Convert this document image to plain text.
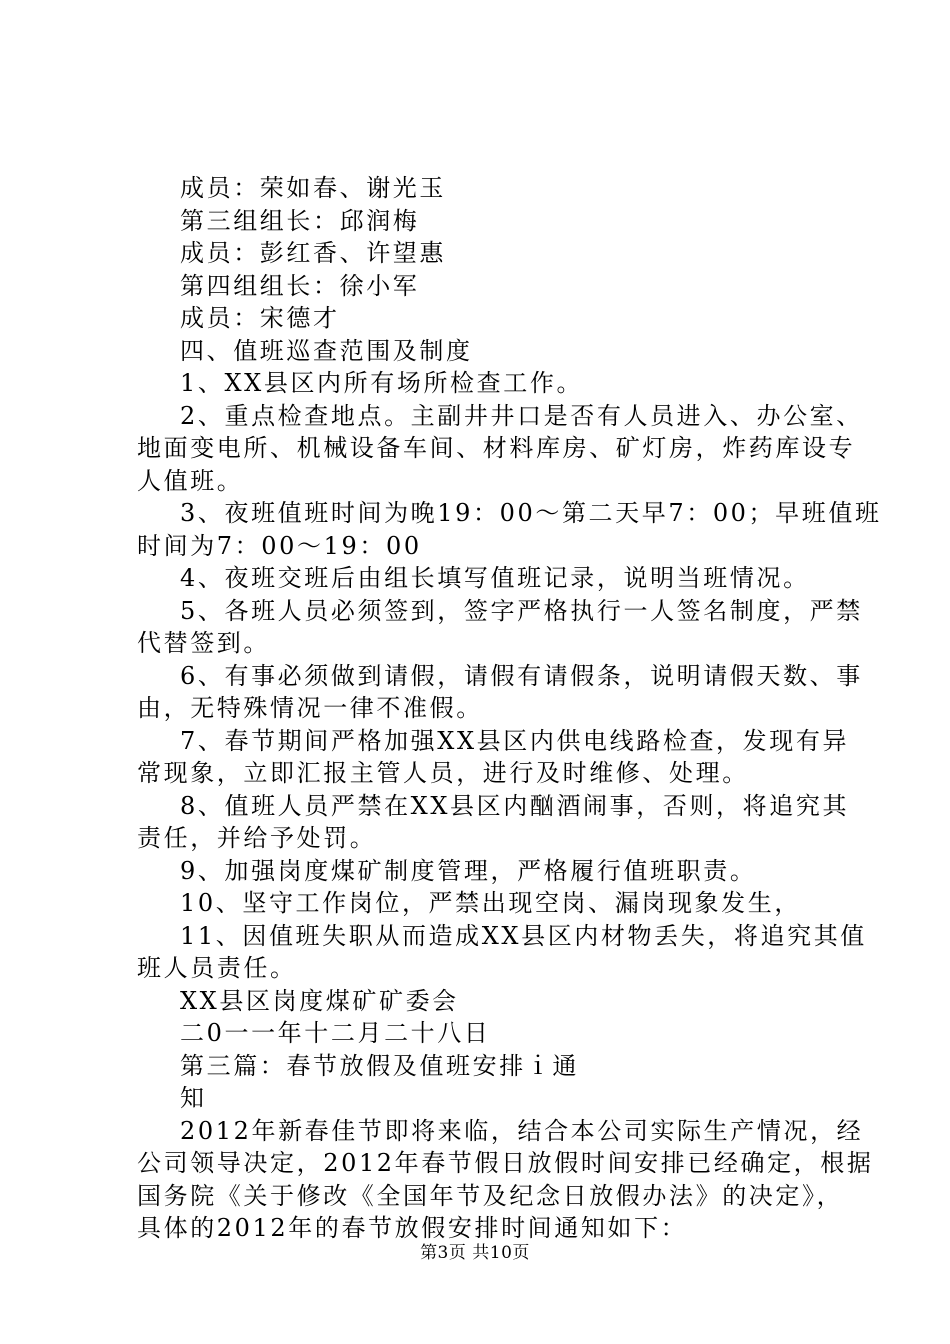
成员：荣如春、谢光玉

第三组组长：邱润梅

成员：彭红香、许望惠

第四组组长：徐小军

成员：宋德才

四、值班巡查范围及制度

1、XX县区内所有场所检查工作。

2、重点检查地点。主副井井口是否有人员进入、办公室、

地面变电所、机械设备车间、材料库房、矿灯房，炸药库设专

人值班。

3、夜班值班时间为晚19：00～第二天早7：00；早班值班

时间为7：00～19：00

4、夜班交班后由组长填写值班记录，说明当班情况。

5、各班人员必须签到，签字严格执行一人签名制度，严禁

代替签到。

6、有事必须做到请假，请假有请假条，说明请假天数、事

由，无特殊情况一律不准假。

7、春节期间严格加强XX县区内供电线路检查，发现有异

常现象，立即汇报主管人员，进行及时维修、处理。

8、值班人员严禁在XX县区内酗酒闹事，否则，将追究其

责任，并给予处罚。

9、加强岗度煤矿制度管理，严格履行值班职责。

10、坚守工作岗位，严禁出现空岗、漏岗现象发生，

11、因值班失职从而造成XX县区内材物丢失，将追究其值

班人员责任。

XX县区岗度煤矿矿委会

二0一一年十二月二十八日

第三篇：春节放假及值班安排ｉ通

知

2012年新春佳节即将来临，结合本公司实际生产情况，经

公司领导决定，2012年春节假日放假时间安排已经确定，根据

国务院《关于修改《全国年节及纪念日放假办法》的决定》，

具体的2012年的春节放假安排时间通知如下：

第3页 共10页
